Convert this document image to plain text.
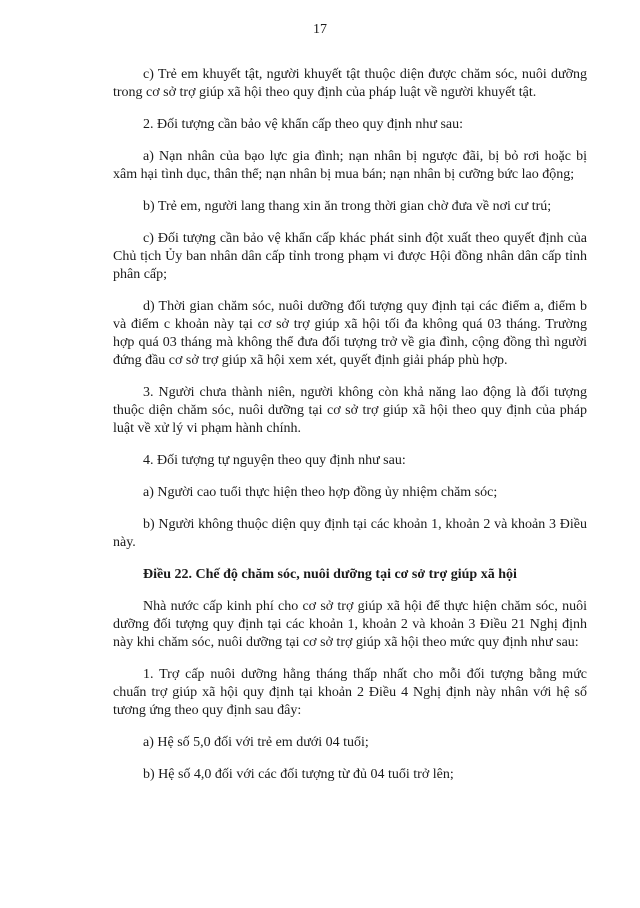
17

c) Trẻ em khuyết tật, người khuyết tật thuộc diện được chăm sóc, nuôi dưỡng trong cơ sở trợ giúp xã hội theo quy định của pháp luật về người khuyết tật.

2. Đối tượng cần bảo vệ khẩn cấp theo quy định như sau:

a) Nạn nhân của bạo lực gia đình; nạn nhân bị ngược đãi, bị bỏ rơi hoặc bị xâm hại tình dục, thân thể; nạn nhân bị mua bán; nạn nhân bị cưỡng bức lao động;

b) Trẻ em, người lang thang xin ăn trong thời gian chờ đưa về nơi cư trú;

c) Đối tượng cần bảo vệ khẩn cấp khác phát sinh đột xuất theo quyết định của Chủ tịch Ủy ban nhân dân cấp tỉnh trong phạm vi được Hội đồng nhân dân cấp tỉnh phân cấp;

d) Thời gian chăm sóc, nuôi dưỡng đối tượng quy định tại các điểm a, điểm b và điểm c khoản này tại cơ sở trợ giúp xã hội tối đa không quá 03 tháng. Trường hợp quá 03 tháng mà không thể đưa đối tượng trở về gia đình, cộng đồng thì người đứng đầu cơ sở trợ giúp xã hội xem xét, quyết định giải pháp phù hợp.

3. Người chưa thành niên, người không còn khả năng lao động là đối tượng thuộc diện chăm sóc, nuôi dưỡng tại cơ sở trợ giúp xã hội theo quy định của pháp luật về xử lý vi phạm hành chính.

4. Đối tượng tự nguyện theo quy định như sau:

a) Người cao tuổi thực hiện theo hợp đồng ủy nhiệm chăm sóc;

b) Người không thuộc diện quy định tại các khoản 1, khoản 2 và khoản 3 Điều này.

Điều 22. Chế độ chăm sóc, nuôi dưỡng tại cơ sở trợ giúp xã hội

Nhà nước cấp kinh phí cho cơ sở trợ giúp xã hội để thực hiện chăm sóc, nuôi dưỡng đối tượng quy định tại các khoản 1, khoản 2 và khoản 3 Điều 21 Nghị định này khi chăm sóc, nuôi dưỡng tại cơ sở trợ giúp xã hội theo mức quy định như sau:

1. Trợ cấp nuôi dưỡng hằng tháng thấp nhất cho mỗi đối tượng bằng mức chuẩn trợ giúp xã hội quy định tại khoản 2 Điều 4 Nghị định này nhân với hệ số tương ứng theo quy định sau đây:

a) Hệ số 5,0 đối với trẻ em dưới 04 tuổi;

b) Hệ số 4,0 đối với các đối tượng từ đủ 04 tuổi trở lên;
